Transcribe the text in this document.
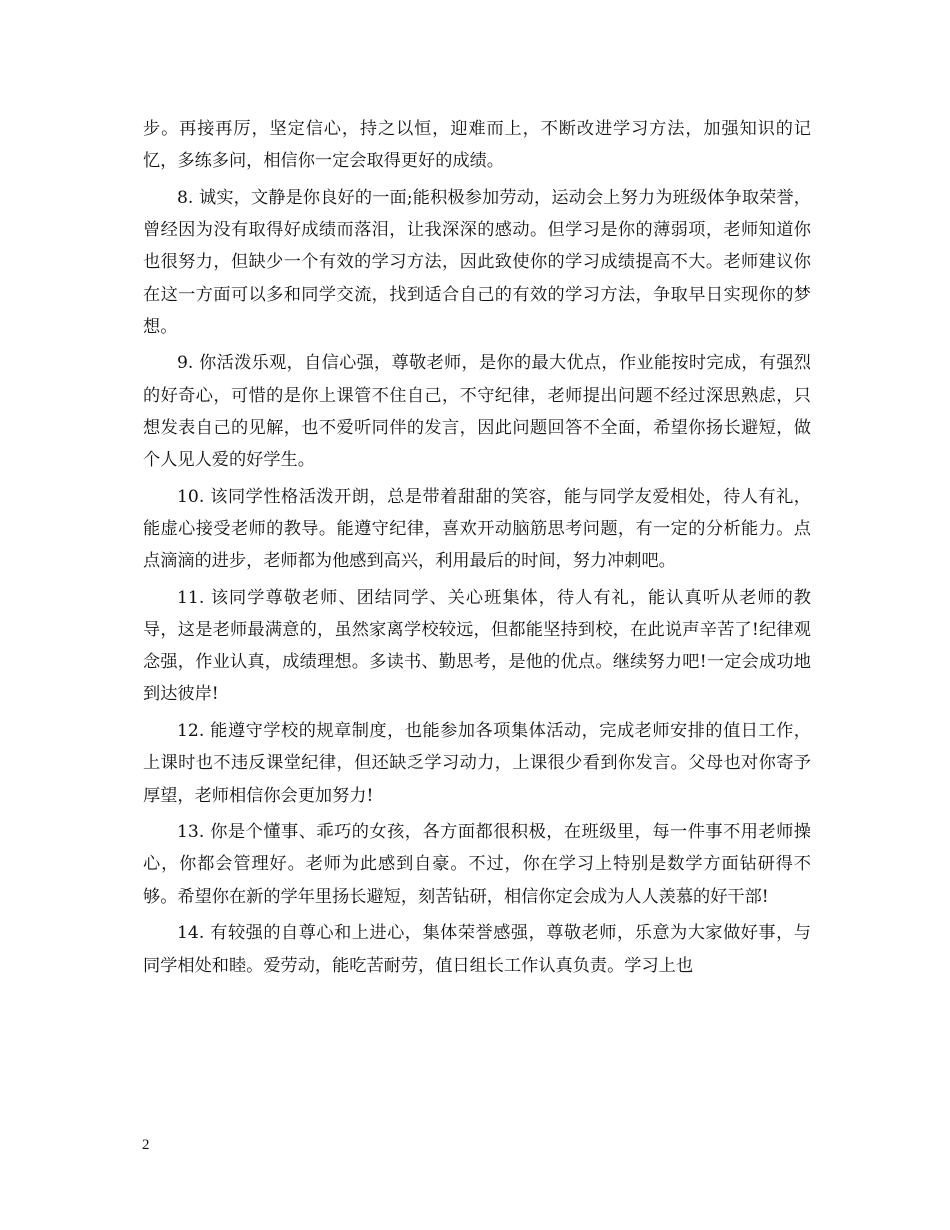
步。再接再厉，坚定信心，持之以恒，迎难而上，不断改进学习方法，加强知识的记忆，多练多问，相信你一定会取得更好的成绩。

8. 诚实，文静是你良好的一面;能积极参加劳动，运动会上努力为班级体争取荣誉，曾经因为没有取得好成绩而落泪，让我深深的感动。但学习是你的薄弱项，老师知道你也很努力，但缺少一个有效的学习方法，因此致使你的学习成绩提高不大。老师建议你在这一方面可以多和同学交流，找到适合自己的有效的学习方法，争取早日实现你的梦想。

9. 你活泼乐观，自信心强，尊敬老师，是你的最大优点，作业能按时完成，有强烈的好奇心，可惜的是你上课管不住自己，不守纪律，老师提出问题不经过深思熟虑，只想发表自己的见解，也不爱听同伴的发言，因此问题回答不全面，希望你扬长避短，做个人见人爱的好学生。

10. 该同学性格活泼开朗，总是带着甜甜的笑容，能与同学友爱相处，待人有礼，能虚心接受老师的教导。能遵守纪律，喜欢开动脑筋思考问题，有一定的分析能力。点点滴滴的进步，老师都为他感到高兴，利用最后的时间，努力冲刺吧。

11. 该同学尊敬老师、团结同学、关心班集体，待人有礼，能认真听从老师的教导，这是老师最满意的，虽然家离学校较远，但都能坚持到校，在此说声辛苦了!纪律观念强，作业认真，成绩理想。多读书、勤思考，是他的优点。继续努力吧!一定会成功地到达彼岸!

12. 能遵守学校的规章制度，也能参加各项集体活动，完成老师安排的值日工作，上课时也不违反课堂纪律，但还缺乏学习动力，上课很少看到你发言。父母也对你寄予厚望，老师相信你会更加努力!

13. 你是个懂事、乖巧的女孩，各方面都很积极，在班级里，每一件事不用老师操心，你都会管理好。老师为此感到自豪。不过，你在学习上特别是数学方面钻研得不够。希望你在新的学年里扬长避短，刻苦钻研，相信你定会成为人人羡慕的好干部!

14. 有较强的自尊心和上进心，集体荣誉感强，尊敬老师，乐意为大家做好事，与同学相处和睦。爱劳动，能吃苦耐劳，值日组长工作认真负责。学习上也

2
